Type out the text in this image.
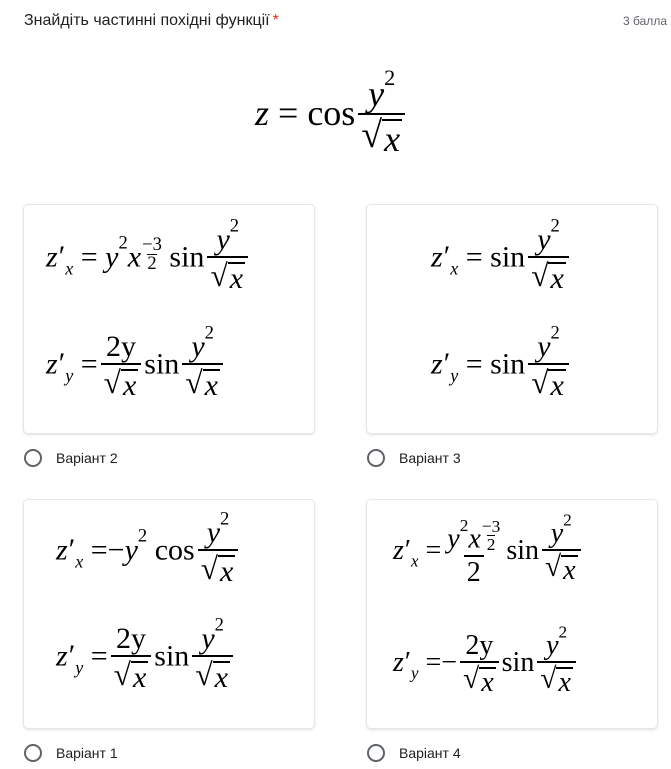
Знайдіть частинні похідні функції *	3 балла
$z = \cos \frac{y^2}{√ x}$
$z'_x = y^2x \frac{-3}{2}$ $\sin \frac{y^2}{√ x}$
$z'_y = \frac{2y}{√ x}$ $\sin \frac{y^2}{√ x}$
Варіант 2
$z'_x = \sin \frac{y^2}{√ x}$
$z'_y = \sin \frac{y^2}{√ x}$
Варіант 3
$z'_x =-y^2$ $\cos \frac{y^2}{√ x}$
$z'_y = \frac{2y}{√ x}$ $\sin \frac{y^2}{√ x}$
Варіант 1
$z'_x = \frac{y^2x \frac{-3}{2}}{2}$ $\sin \frac{y^2}{√ x}$
$z'_y =- \frac{2y}{√ x}$ $\sin \frac{y^2}{√ x}$
Варіант 4
